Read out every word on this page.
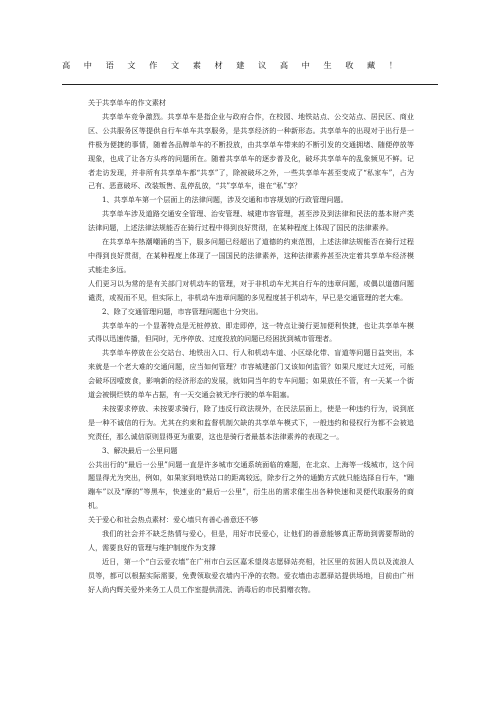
高中语文作文素材建议高中生收藏！

关于共享单车的作文素材

共享单车竞争激烈。共享单车是指企业与政府合作，在校园、地铁站点、公交站点、居民区、商业区、公共服务区等提供自行车单车共享服务，是共享经济的一种新形态。共享单车的出现对于出行是一件极为便捷的事情，随着各品牌单车的不断投放，由共享单车带来的不断引发的交通拥堵、随便停放等现象，也成了让各方头疼的问题所在。随着共享单车的逐步普及化，破坏共享单车的乱象频见不鲜。记者走访发现，并非所有共享单车都“共享”了，除被破坏之外，一些共享单车甚至变成了“私家车”，占为己有、恶意破坏、改装叛售、乱停乱放，“共”享单车，谁在“私”享？

1、共享单车第一个层面上的法律问题，涉及交通和市容规划的行政管理问题。

共享单车涉及道路交通安全管理、治安管理、城建市容管理，甚至涉及到法律和民法的基本财产类法律问题，上述法律法规能否在骑行过程中得到良好贯彻，在某种程度上体现了国民的法律素养。

在共享单车热潮嘲涌的当下，服多问题已经超出了道德的约束范围，上述法律法规能否在骑行过程中得到良好贯彻，在某种程度上体现了一国国民的法律素养，这种法律素养甚至决定着共享单车经济模式能走多远。

人们更习以为常的是有关部门对机动车的管理，对于非机动车尤其自行车的违章问题，或偶以道德问题谴责，或视而不见，但实际上，非机动车违章问题的多见程度甚于机动车，早已是交通管理的老大难。

2、除了交通管理问题，市容管理问题也十分突出。

共享单车的一个显著特点是无桩停放、即走即停，这一特点让骑行更加便利快捷，也让共享单车模式得以迅速传播，但同时，无序停放、过度投放的问题已经困扰到城市管理者。

共享单车停放在公交站台、地铁出入口、行人和机动车道、小区绿化带、盲道等问题日益突出，本来就是一个老大难的交通问题，应当如何管理？市容城建部门又该如何监管？如果尺度过大过死，可能会破坏因噎废食，影响新的经济形态的发展，就如同当年的专车问题；如果放任不管，有一天某一个街道会被铜烂铁的单车占据，有一天交通会被无序行驶的单车阻塞。

未按要求停放、未按要求骑行，除了违反行政法规外，在民法层面上，使是一种违约行为，说到底是一种不诚信的行为。尤其在约束和监督机制欠缺的共享单车模式下，一般违约和侵权行为都不会被追究责任，那么诚信原则显得更为重要，这也是骑行者最基本法律素养的表现之一。

3、解决最后一公里问题

公共出行的“最后一公里”问题一直是许多城市交通系统面临的难题，在北京、上海等一线城市，这个问题显得尤为突出，例如，如果家到地铁站口的距离较远，除步行之外的通勤方式就只能选择自行车，“蹦蹦车”以及“摩的”等黑车，快速业的“最后一公里”，衍生出的需求催生出各种快速和灵便代取服务的商机。

关于爱心和社会热点素材：爱心墙只有善心善意还不够

我们的社会并不缺乏热情与爱心，但是，用好市民爱心，让他们的善意能够真正帮助到需要帮助的人，需要良好的管理与维护制度作为支撑

近日，第一个“白云爱衣墙”在广州市白云区嘉禾望岗志愿驿站亮相，社区里的贫困人员以及流浪人员等，都可以根据实际需要，免费领取爱衣墙内干净的衣物。爱衣墙由志愿驿站提供场地，目前由广州好人尚内辉关爱外来务工人员工作室提供清洗、消毒后的市民捐赠衣物。
